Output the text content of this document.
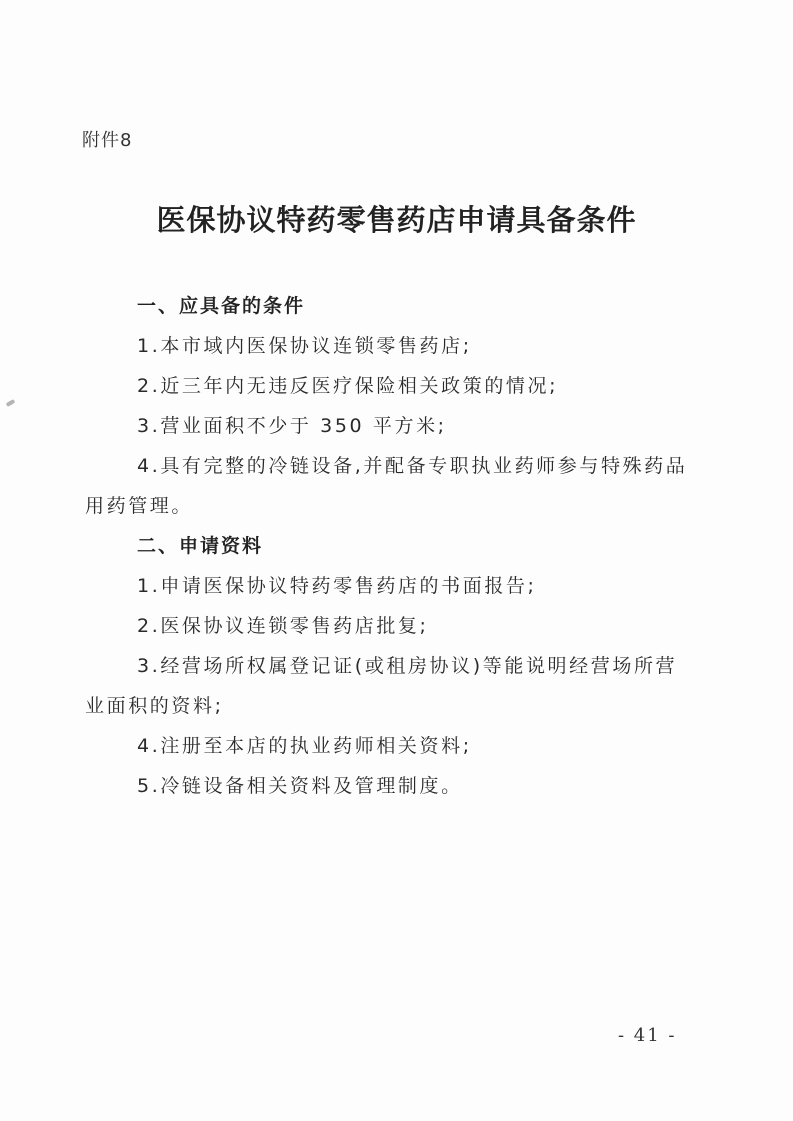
附件8
医保协议特药零售药店申请具备条件
一、应具备的条件
1.本市域内医保协议连锁零售药店;
2.近三年内无违反医疗保险相关政策的情况;
3.营业面积不少于 350 平方米;
4.具有完整的冷链设备,并配备专职执业药师参与特殊药品
用药管理。
二、申请资料
1.申请医保协议特药零售药店的书面报告;
2.医保协议连锁零售药店批复;
3.经营场所权属登记证(或租房协议)等能说明经营场所营
业面积的资料;
4.注册至本店的执业药师相关资料;
5.冷链设备相关资料及管理制度。
- 41 -
